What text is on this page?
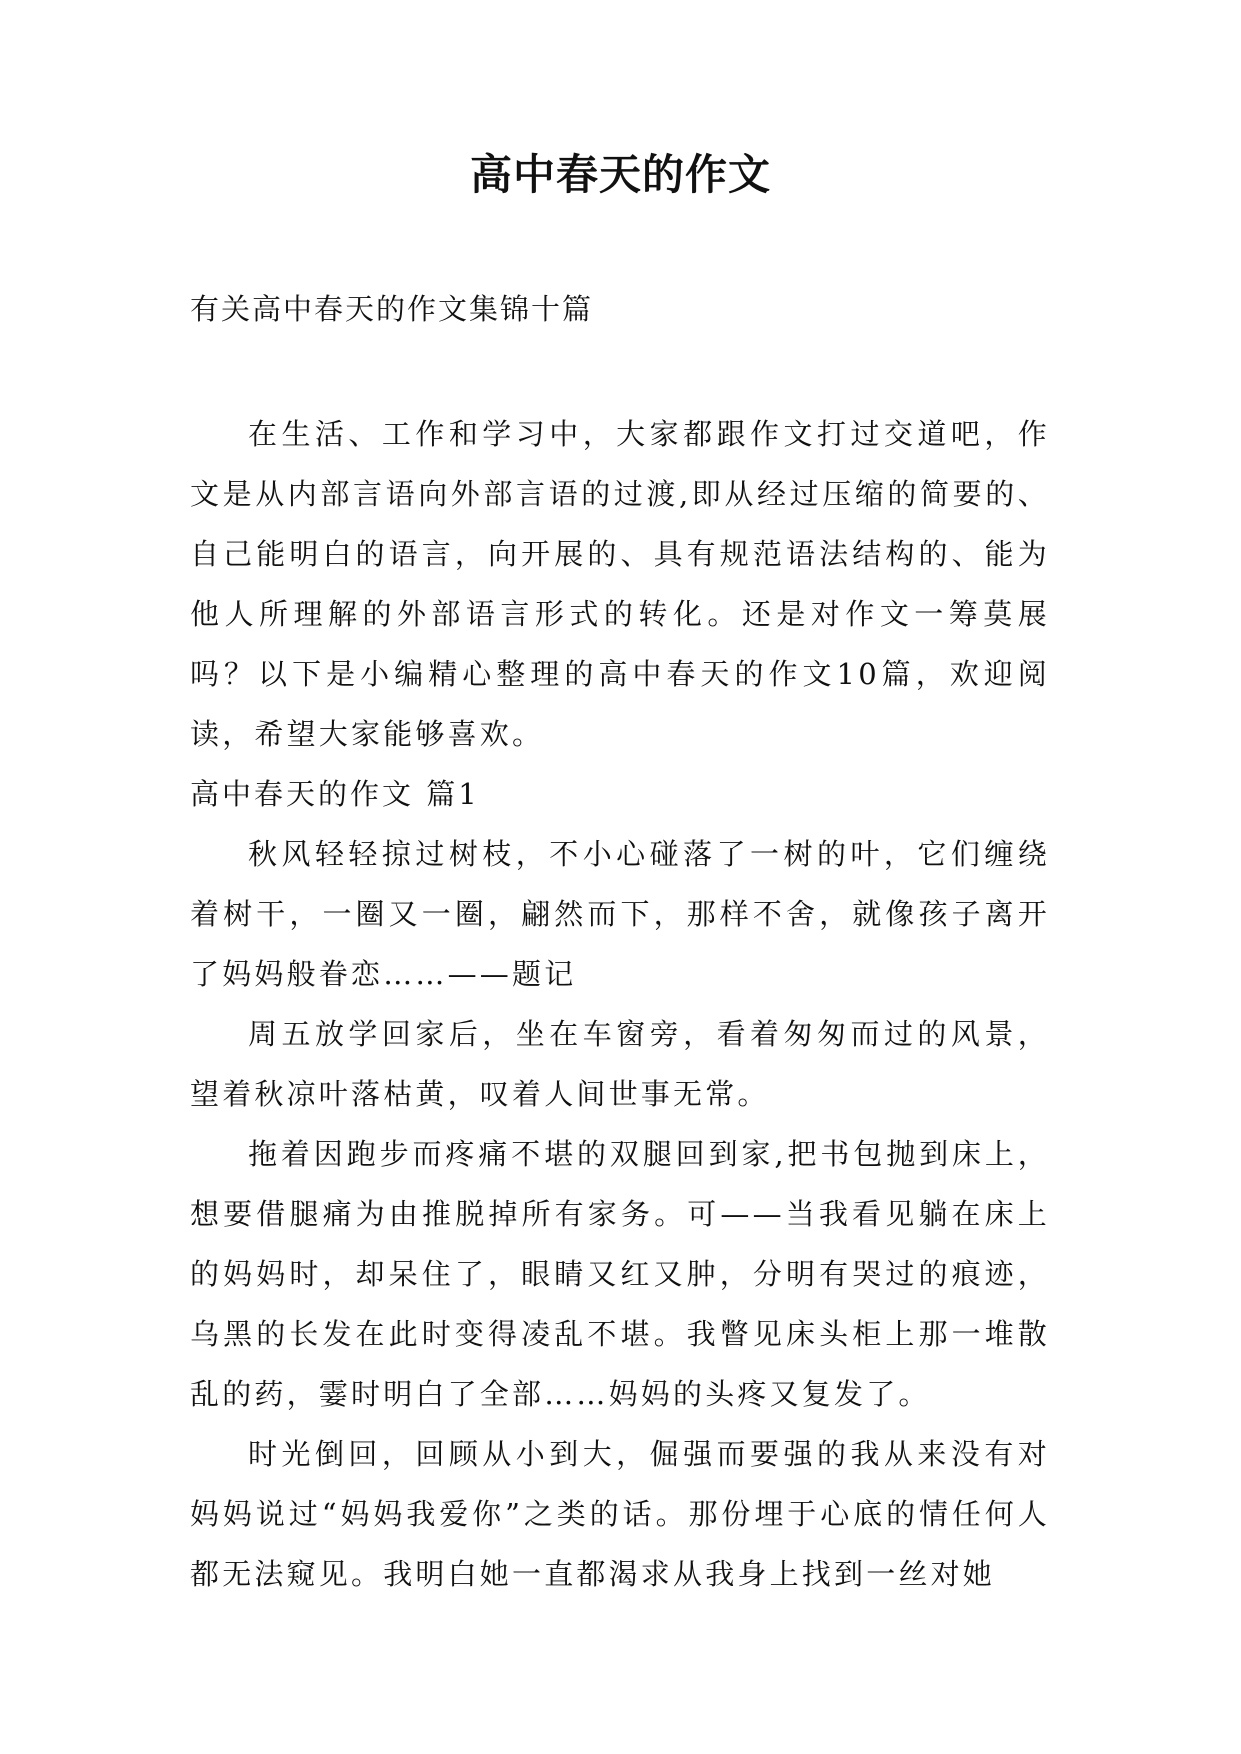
高中春天的作文

有关高中春天的作文集锦十篇

在生活、工作和学习中，大家都跟作文打过交道吧，作文是从内部言语向外部言语的过渡,即从经过压缩的简要的、自己能明白的语言，向开展的、具有规范语法结构的、能为他人所理解的外部语言形式的转化。还是对作文一筹莫展吗？以下是小编精心整理的高中春天的作文10篇，欢迎阅读，希望大家能够喜欢。

高中春天的作文 篇1

秋风轻轻掠过树枝，不小心碰落了一树的叶，它们缠绕着树干，一圈又一圈，翩然而下，那样不舍，就像孩子离开了妈妈般眷恋……——题记

周五放学回家后，坐在车窗旁，看着匆匆而过的风景，望着秋凉叶落枯黄，叹着人间世事无常。

拖着因跑步而疼痛不堪的双腿回到家,把书包抛到床上，想要借腿痛为由推脱掉所有家务。可——当我看见躺在床上的妈妈时，却呆住了，眼睛又红又肿，分明有哭过的痕迹，乌黑的长发在此时变得凌乱不堪。我瞥见床头柜上那一堆散乱的药，霎时明白了全部……妈妈的头疼又复发了。

时光倒回，回顾从小到大，倔强而要强的我从来没有对妈妈说过“妈妈我爱你”之类的话。那份埋于心底的情任何人都无法窥见。我明白她一直都渴求从我身上找到一丝对她
